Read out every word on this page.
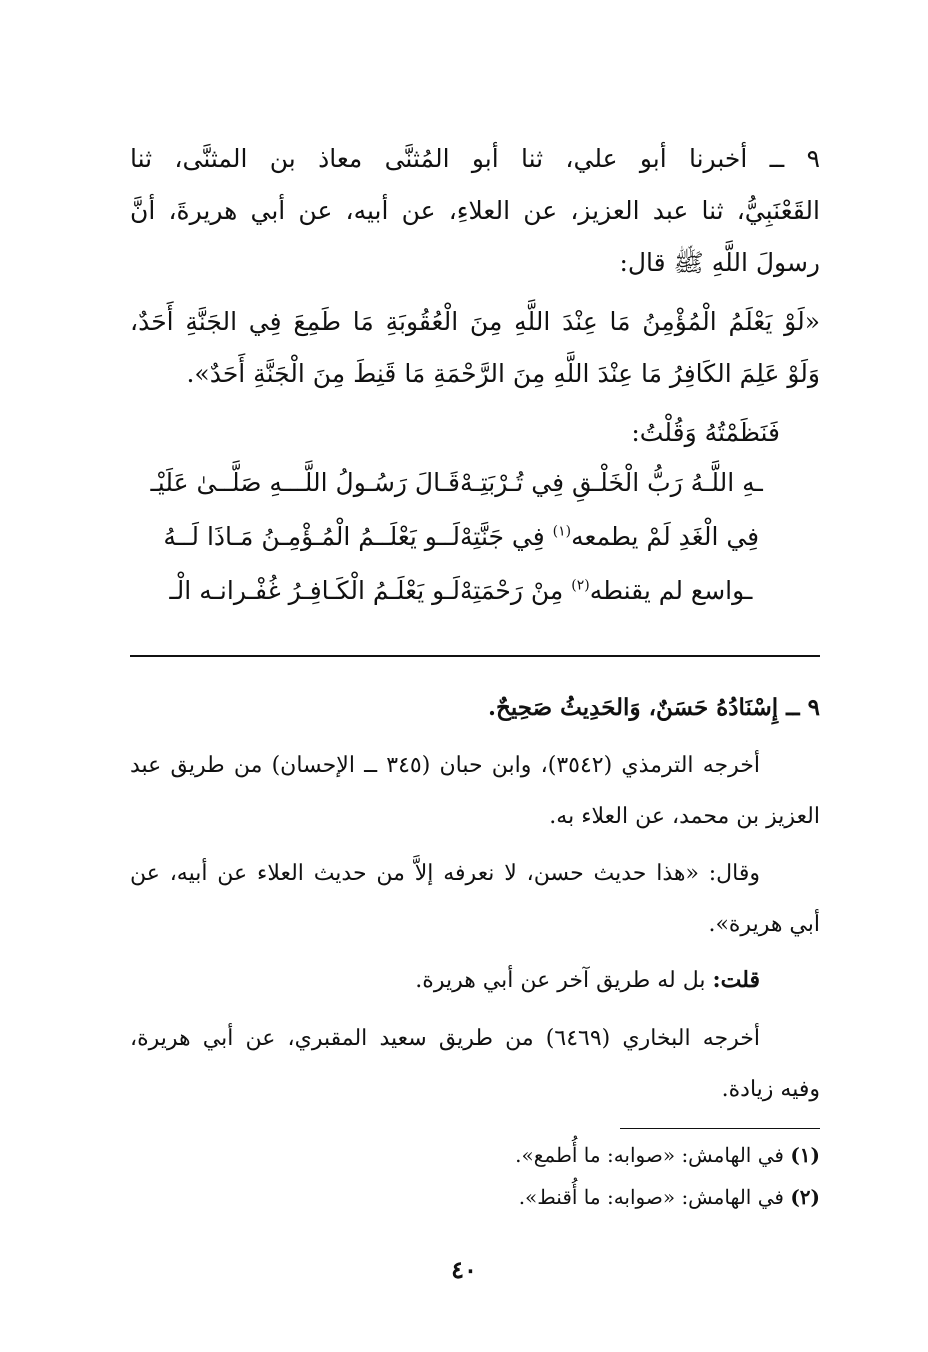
٩ ــ أخبرنا أبو علي، ثنا أبو المُثنَّى معاذ بن المثنَّى، ثنا

القَعْنَبِيُّ، ثنا عبد العزيز، عن العلاءِ، عن أبيه، عن أبي هريرةَ، أنَّ

رسولَ اللَّهِ ﷺ قال:

«لَوْ يَعْلَمُ الْمُؤْمِنُ مَا عِنْدَ اللَّهِ مِنَ الْعُقُوبَةِ مَا طَمِعَ فِي الجَنَّةِ أَحَدٌ،

وَلَوْ عَلِمَ الكَافِرُ مَا عِنْدَ اللَّهِ مِنَ الرَّحْمَةِ مَا قَنِطَ مِنَ الْجَنَّةِ أَحَدٌ».

فَنَظَمْتُهُ وَقُلْتُ:

قَـالَ رَسُـولُ اللَّـــهِ صَلَّــىٰ عَلَيْـ ـهِ اللَّـهُ رَبُّ الْخَلْـقِ فِي تُـرْبَتِـهْ
لَــو يَعْلَــمُ الْمُـؤْمِـنُ مَـاذَا لَــهُ	فِي الْغَدِ لَمْ يطمعه$^{(١)}$ فِي جَنَّتِهْ
لَـو يَعْلَـمُ الْكَـافِـرُ غُفْـرانـه الْـ	ـواسع لم يقنطه$^{(٢)}$ مِنْ رَحْمَتِهْ

٩ ــ إِسْنَادُهُ حَسَنٌ، وَالحَدِيثُ صَحِيحٌ.

أخرجه الترمذي (٣٥٤٢)، وابن حبان (٣٤٥ ــ الإحسان) من طريق عبد العزيز بن محمد، عن العلاء به.

وقال: «هذا حديث حسن، لا نعرفه إلاَّ من حديث العلاء عن أبيه، عن أبي هريرة».

قلت: بل له طريق آخر عن أبي هريرة.

أخرجه البخاري (٦٤٦٩) من طريق سعيد المقبري، عن أبي هريرة، وفيه زيادة.

(١) في الهامش: «صوابه: ما أُطمع».
(٢) في الهامش: «صوابه: ما أُقنط».
٤٠
